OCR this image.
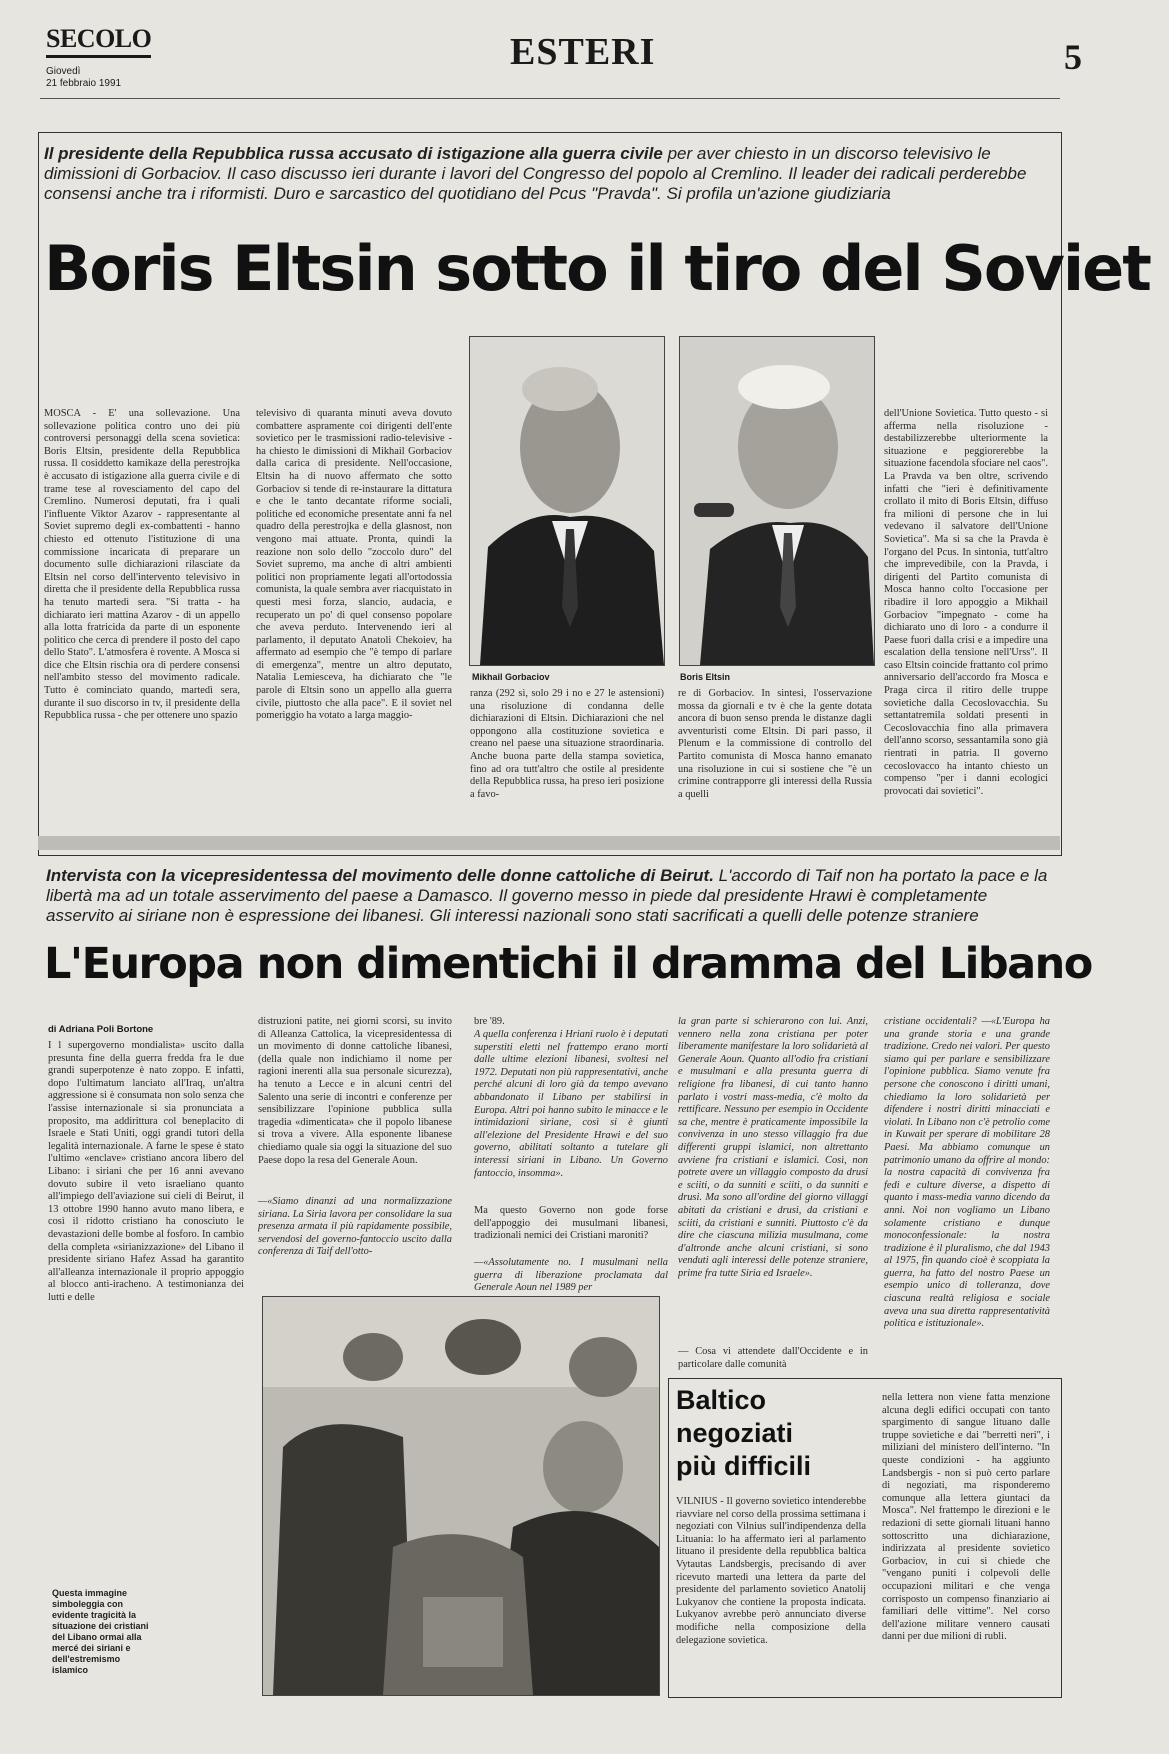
SECOLO
Giovedì
21 febbraio 1991
ESTERI	5
Il presidente della Repubblica russa accusato di istigazione alla guerra civile per aver chiesto in un discorso televisivo le dimissioni di Gorbaciov. Il caso discusso ieri durante i lavori del Congresso del popolo al Cremlino. Il leader dei radicali perderebbe consensi anche tra i riformisti. Duro e sarcastico del quotidiano del Pcus "Pravda". Si profila un'azione giudiziaria
Boris Eltsin sotto il tiro del Soviet
MOSCA - E' una sollevazione. Una sollevazione politica contro uno dei più controversi personaggi della scena sovietica: Boris Eltsin, presidente della Repubblica russa. Il cosiddetto kamikaze della perestrojka è accusato di istigazione alla guerra civile e di trame tese al rovesciamento del capo del Cremlino. Numerosi deputati, fra i quali l'influente Viktor Azarov - rappresentante al Soviet supremo degli ex-combattenti - hanno chiesto ed ottenuto l'istituzione di una commissione incaricata di preparare un documento sulle dichiarazioni rilasciate da Eltsin nel corso dell'intervento televisivo in diretta che il presidente della Repubblica russa ha tenuto martedì sera. "Si tratta - ha dichiarato ieri mattina Azarov - di un appello alla lotta fratricida da parte di un esponente politico che cerca di prendere il posto del capo dello Stato". L'atmosfera è rovente. A Mosca si dice che Eltsin rischia ora di perdere consensi nell'ambito stesso del movimento radicale. Tutto è cominciato quando, martedì sera, durante il suo discorso in tv, il presidente della Repubblica russa - che per ottenere uno spazio
televisivo di quaranta minuti aveva dovuto combattere aspramente coi dirigenti dell'ente sovietico per le trasmissioni radio-televisive - ha chiesto le dimissioni di Mikhail Gorbaciov dalla carica di presidente. Nell'occasione, Eltsin ha di nuovo affermato che sotto Gorbaciov si tende di re-instaurare la dittatura e che le tanto decantate riforme sociali, politiche ed economiche presentate anni fa nel quadro della perestrojka e della glasnost, non vengono mai attuate. Pronta, quindi la reazione non solo dello "zoccolo duro" del Soviet supremo, ma anche di altri ambienti politici non propriamente legati all'ortodossia comunista, la quale sembra aver riacquistato in questi mesi forza, slancio, audacia, e recuperato un po' di quel consenso popolare che aveva perduto. Intervenendo ieri al parlamento, il deputato Anatoli Chekoiev, ha affermato ad esempio che "è tempo di parlare di emergenza", mentre un altro deputato, Natalia Lemiesceva, ha dichiarato che "le parole di Eltsin sono un appello alla guerra civile, piuttosto che alla pace". E il soviet nel pomeriggio ha votato a larga maggio-
Mikhail Gorbaciov	Boris Eltsin
ranza (292 sì, solo 29 i no e 27 le astensioni) una risoluzione di condanna delle dichiarazioni di Eltsin. Dichiarazioni che nel oppongono alla costituzione sovietica e creano nel paese una situazione straordinaria. Anche buona parte della stampa sovietica, fino ad ora tutt'altro che ostile al presidente della Repubblica russa, ha preso ieri posizione a favo-
re di Gorbaciov. In sintesi, l'osservazione mossa da giornali e tv è che la gente dotata ancora di buon senso prenda le distanze dagli avventuristi come Eltsin. Di pari passo, il Plenum e la commissione di controllo del Partito comunista di Mosca hanno emanato una risoluzione in cui si sostiene che "è un crimine contrapporre gli interessi della Russia a quelli
dell'Unione Sovietica. Tutto questo - si afferma nella risoluzione - destabilizzerebbe ulteriormente la situazione e peggiorerebbe la situazione facendola sfociare nel caos". La Pravda va ben oltre, scrivendo infatti che "ieri è definitivamente crollato il mito di Boris Eltsin, diffuso fra milioni di persone che in lui vedevano il salvatore dell'Unione Sovietica". Ma si sa che la Pravda è l'organo del Pcus. In sintonia, tutt'altro che imprevedibile, con la Pravda, i dirigenti del Partito comunista di Mosca hanno colto l'occasione per ribadire il loro appoggio a Mikhail Gorbaciov "impegnato - come ha dichiarato uno di loro - a condurre il Paese fuori dalla crisi e a impedire una escalation della tensione nell'Urss". Il caso Eltsin coincide frattanto col primo anniversario dell'accordo fra Mosca e Praga circa il ritiro delle truppe sovietiche dalla Cecoslovacchia. Su settantatremila soldati presenti in Cecoslovacchia fino alla primavera dell'anno scorso, sessantamila sono già rientrati in patria. Il governo cecoslovacco ha intanto chiesto un compenso "per i danni ecologici provocati dai sovietici".
Intervista con la vicepresidentessa del movimento delle donne cattoliche di Beirut. L'accordo di Taif non ha portato la pace e la libertà ma ad un totale asservimento del paese a Damasco. Il governo messo in piede dal presidente Hrawi è completamente asservito ai siriane non è espressione dei libanesi. Gli interessi nazionali sono stati sacrificati a quelli delle potenze straniere
L'Europa non dimentichi il dramma del Libano
di Adriana Poli Bortone
I l supergoverno mondialista» uscito dalla presunta fine della guerra fredda fra le due grandi superpotenze è nato zoppo. E infatti, dopo l'ultimatum lanciato all'Iraq, un'altra aggressione si è consumata non solo senza che l'assise internazionale si sia pronunciata a proposito, ma addirittura col beneplacito di Israele e Stati Uniti, oggi grandi tutori della legalità internazionale. A farne le spese è stato l'ultimo «enclave» cristiano ancora libero del Libano: i siriani che per 16 anni avevano dovuto subire il veto israeliano quanto all'impiego dell'aviazione sui cieli di Beirut, il 13 ottobre 1990 hanno avuto mano libera, e così il ridotto cristiano ha conosciuto le devastazioni delle bombe al fosforo. In cambio della completa «sirianizzazione» del Libano il presidente siriano Hafez Assad ha garantito all'alleanza internazionale il proprio appoggio al blocco anti-iracheno. A testimonianza dei lutti e delle
distruzioni patite, nei giorni scorsi, su invito di Alleanza Cattolica, la vicepresidentessa di un movimento di donne cattoliche libanesi, (della quale non indichiamo il nome per ragioni inerenti alla sua personale sicurezza), ha tenuto a Lecce e in alcuni centri del Salento una serie di incontri e conferenze per sensibilizzare l'opinione pubblica sulla tragedia «dimenticata» che il popolo libanese si trova a vivere. Alla esponente libanese chiediamo quale sia oggi la situazione del suo Paese dopo la resa del Generale Aoun.
—«Siamo dinanzi ad una normalizzazione siriana. La Siria lavora per consolidare la sua presenza armata il più rapidamente possibile, servendosi del governo-fantoccio uscito dalla conferenza di Taif dell'otto-
bre '89.
A quella conferenza i Hriani ruolo è i deputati superstiti eletti nel frattempo erano morti dalle ultime elezioni libanesi, svoltesi nel 1972. Deputati non più rappresentativi, anche perché alcuni di loro già da tempo avevano abbandonato il Libano per stabilirsi in Europa. Altri poi hanno subito le minacce e le intimidazioni siriane, così si è giunti all'elezione del Presidente Hrawi e del suo governo, abilitati soltanto a tutelare gli interessi siriani in Libano. Un Governo fantoccio, insomma».
Ma questo Governo non gode forse dell'appoggio dei musulmani libanesi, tradizionali nemici dei Cristiani maroniti?
—«Assolutamente no. I musulmani nella guerra di liberazione proclamata dal Generale Aoun nel 1989 per
la gran parte si schierarono con lui. Anzi, vennero nella zona cristiana per poter liberamente manifestare la loro solidarietà al Generale Aoun. Quanto all'odio fra cristiani e musulmani e alla presunta guerra di religione fra libanesi, di cui tanto hanno parlato i vostri mass-media, c'è molto da rettificare. Nessuno per esempio in Occidente sa che, mentre è praticamente impossibile la convivenza in uno stesso villaggio fra due differenti gruppi islamici, non altrettanto avviene fra cristiani e islamici. Così, non potrete avere un villaggio composto da drusi e sciiti, o da sunniti e sciiti, o da sunniti e drusi. Ma sono all'ordine del giorno villaggi abitati da cristiani e drusi, da cristiani e sciiti, da cristiani e sunniti. Piuttosto c'è da dire che ciascuna milizia musulmana, come d'altronde anche alcuni cristiani, si sono venduti agli interessi delle potenze straniere, prime fra tutte Siria ed Israele».
— Cosa vi attendete dall'Occidente e in particolare dalle comunità
cristiane occidentali? —«L'Europa ha una grande storia e una grande tradizione. Credo nei valori. Per questo siamo qui per parlare e sensibilizzare l'opinione pubblica. Siamo venute fra persone che conoscono i diritti umani, chiediamo la loro solidarietà per difendere i nostri diritti minacciati e violati. In Libano non c'è petrolio come in Kuwait per sperare di mobilitare 28 Paesi. Ma abbiamo comunque un patrimonio umano da offrire al mondo: la nostra capacità di convivenza fra fedi e culture diverse, a dispetto di quanto i mass-media vanno dicendo da anni. Noi non vogliamo un Libano solamente cristiano e dunque monoconfessionale: la nostra tradizione è il pluralismo, che dal 1943 al 1975, fin quando cioè è scoppiata la guerra, ha fatto del nostro Paese un esempio unico di tolleranza, dove ciascuna realtà religiosa e sociale aveva una sua diretta rappresentatività politica e istituzionale».
Questa immagine simboleggia con evidente tragicità la situazione dei cristiani del Libano ormai alla mercé dei siriani e dell'estremismo islamico
Baltico
negoziati
più difficili
VILNIUS - Il governo sovietico intenderebbe riavviare nel corso della prossima settimana i negoziati con Vilnius sull'indipendenza della Lituania: lo ha affermato ieri al parlamento lituano il presidente della repubblica baltica Vytautas Landsbergis, precisando di aver ricevuto martedì una lettera da parte del presidente del parlamento sovietico Anatolij Lukyanov che contiene la proposta indicata. Lukyanov avrebbe però annunciato diverse modifiche nella composizione della delegazione sovietica.
nella lettera non viene fatta menzione alcuna degli edifici occupati con tanto spargimento di sangue lituano dalle truppe sovietiche e dai "berretti neri", i miliziani del ministero dell'interno. "In queste condizioni - ha aggiunto Landsbergis - non si può certo parlare di negoziati, ma risponderemo comunque alla lettera giuntaci da Mosca". Nel frattempo le direzioni e le redazioni di sette giornali lituani hanno sottoscritto una dichiarazione, indirizzata al presidente sovietico Gorbaciov, in cui si chiede che "vengano puniti i colpevoli delle occupazioni militari e che venga corrisposto un compenso finanziario ai familiari delle vittime". Nel corso dell'azione militare vennero causati danni per due milioni di rubli.
